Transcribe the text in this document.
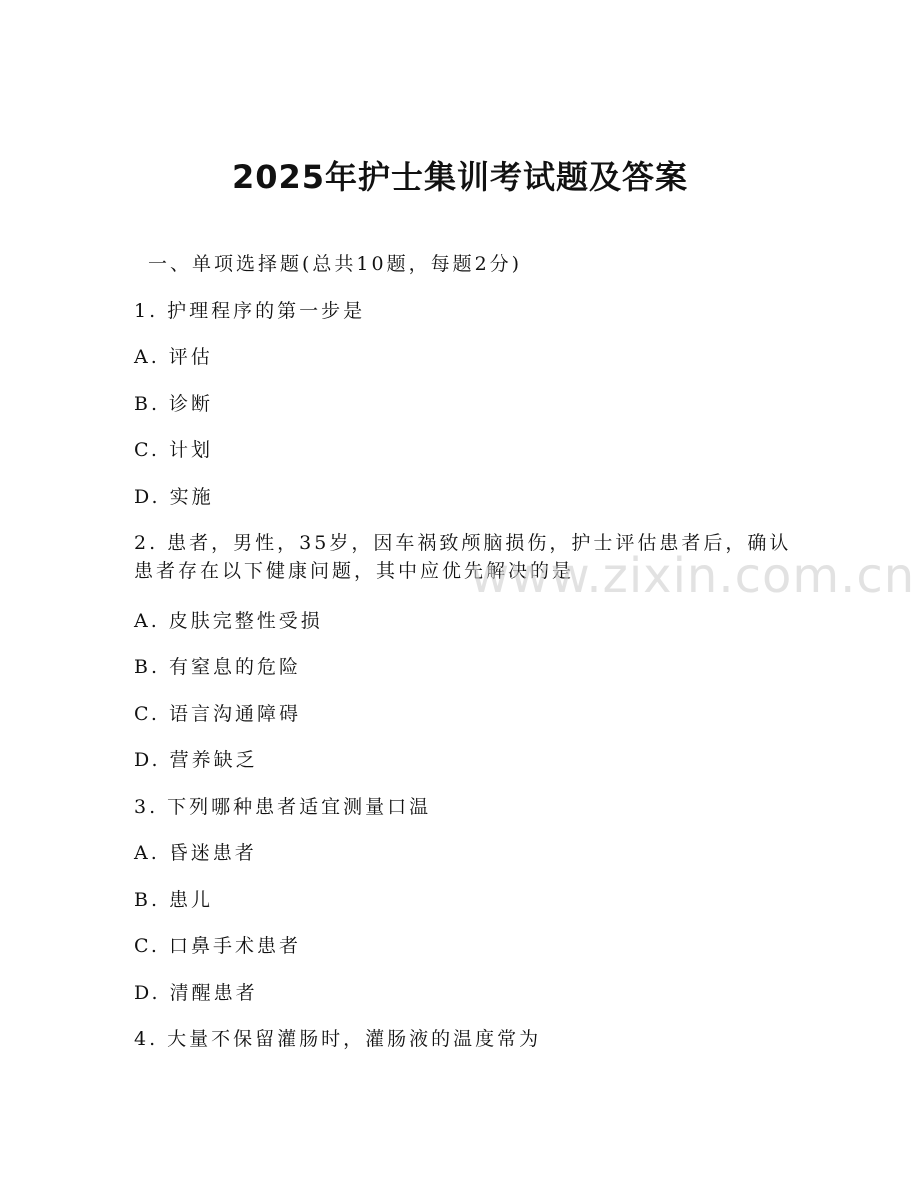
2025年护士集训考试题及答案
一、单项选择题(总共10题，每题2分)
1. 护理程序的第一步是
A. 评估
B. 诊断
C. 计划
D. 实施
2. 患者，男性，35岁，因车祸致颅脑损伤，护士评估患者后，确认患者存在以下健康问题，其中应优先解决的是
A. 皮肤完整性受损
B. 有窒息的危险
C. 语言沟通障碍
D. 营养缺乏
3. 下列哪种患者适宜测量口温
A. 昏迷患者
B. 患儿
C. 口鼻手术患者
D. 清醒患者
4. 大量不保留灌肠时，灌肠液的温度常为
www.zixin.com.cn
